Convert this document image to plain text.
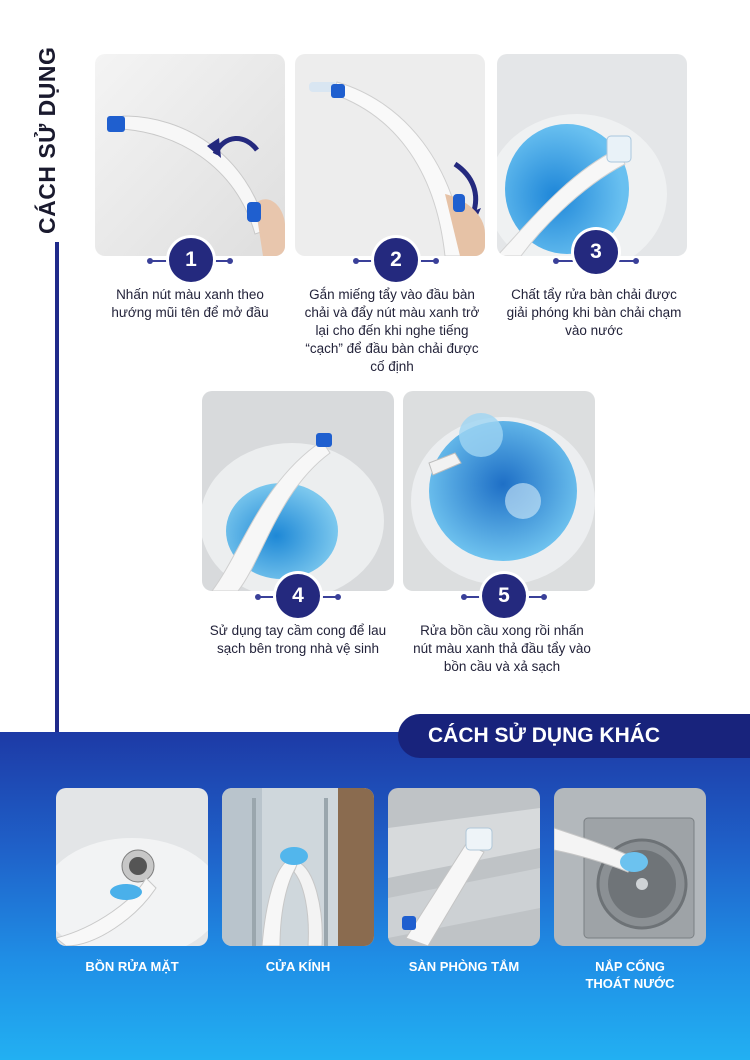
CÁCH SỬ DỤNG
1
Nhấn nút màu xanh theo
hướng mũi tên để mở đầu
2
Gắn miếng tẩy vào đầu bàn
chải và đẩy nút màu xanh trở
lại cho đến khi nghe tiếng
“cạch” để đầu bàn chải được
cố định
3
Chất tẩy rửa bàn chải được
giải phóng khi bàn chải chạm
vào nước
4
Sử dụng tay cầm cong để lau
sạch bên trong nhà vệ sinh
5
Rửa bồn cầu xong rồi nhấn
nút màu xanh thả đầu tẩy vào
bồn cầu và xả sạch
CÁCH SỬ DỤNG KHÁC
BỒN RỬA MẶT	CỬA KÍNH	SÀN PHÒNG TẮM	NẮP CỐNG
THOÁT NƯỚC
